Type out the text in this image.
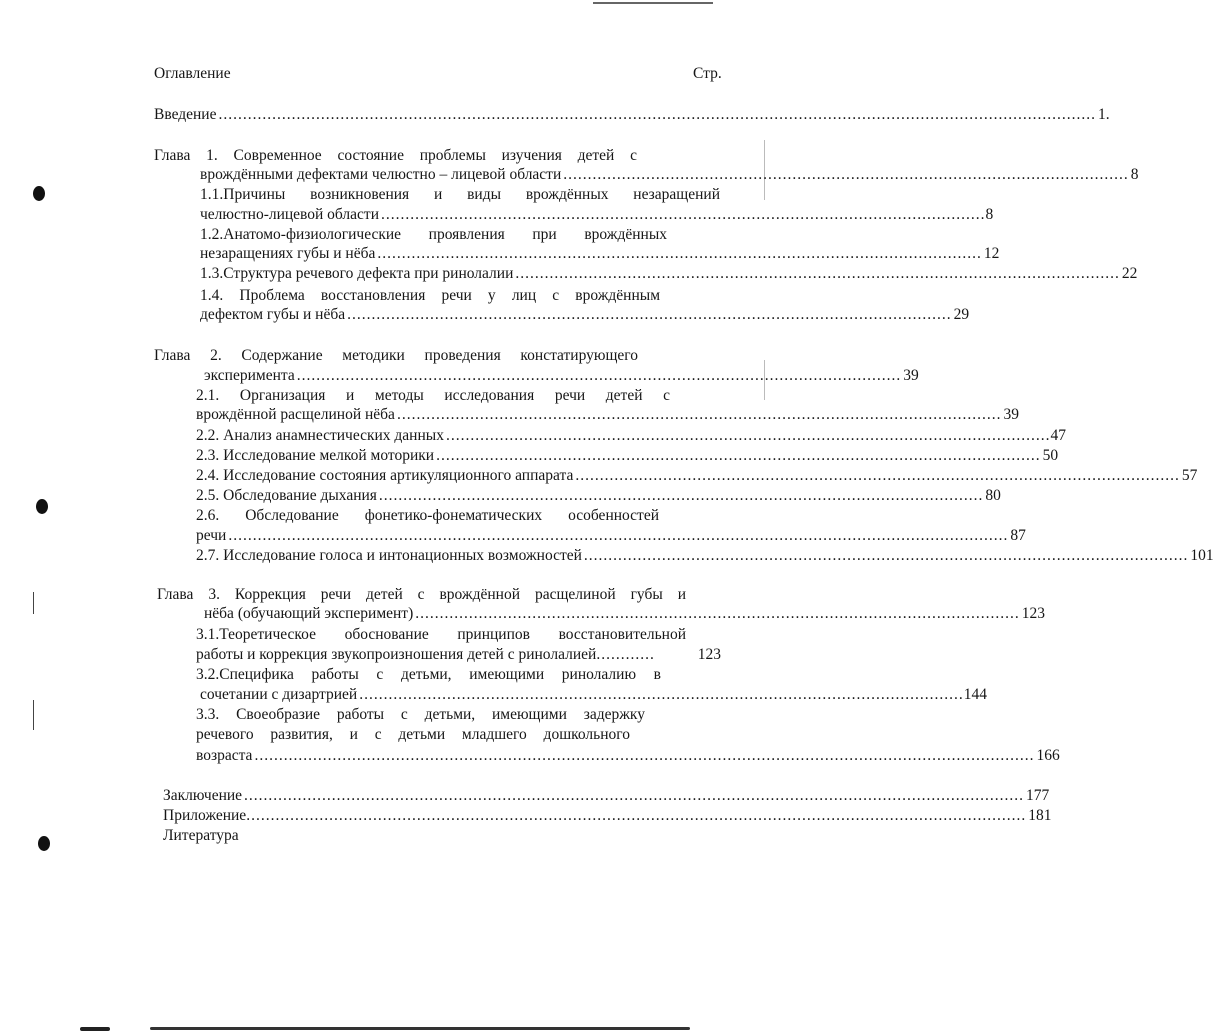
Оглавление	Стр.
Введение .................................................................................................................................................................................... 1.
Глава 1. Современное состояние проблемы изучения детей с
врождёнными дефектами челюстно – лицевой области .................................................................................................................... 8
1.1.Причины возникновения и виды врождённых незаращений
челюстно-лицевой области ............................................................................................................................ 8
1.2.Анатомо-физиологические проявления при врождённых
незаращениях губы и нёба ............................................................................................................................ 12
1.3.Структура речевого дефекта при ринолалии ............................................................................................................................ 22
1.4. Проблема восстановления речи у лиц с врождённым
дефектом губы и нёба ............................................................................................................................ 29
Глава 2. Содержание методики проведения констатирующего
эксперимента ............................................................................................................................ 39
2.1. Организация и методы исследования речи детей с
врождённой расщелиной нёба ............................................................................................................................ 39
2.2. Анализ анамнестических данных ............................................................................................................................ 47
2.3. Исследование мелкой моторики ............................................................................................................................ 50
2.4. Исследование состояния артикуляционного аппарата ............................................................................................................................ 57
2.5. Обследование дыхания ............................................................................................................................ 80
2.6. Обследование фонетико-фонематических особенностей
речи ................................................................................................................................................................ 87
2.7. Исследование голоса и интонационных возможностей ............................................................................................................................ 101
Глава 3. Коррекция речи детей с врождённой расщелиной губы и
нёба (обучающий эксперимент) ............................................................................................................................ 123
3.1.Теоретическое обоснование принципов восстановительной
работы и коррекция звукопроизношения детей с ринолалией ............	123
3.2.Специфика работы с детьми, имеющими ринолалию в
сочетании с дизартрией ............................................................................................................................ 144
3.3. Своеобразие работы с детьми, имеющими задержку
речевого развития, и с детьми младшего дошкольного
возраста ................................................................................................................................................................ 166
Заключение ................................................................................................................................................................ 177
Приложение ................................................................................................................................................................ 181
Литература
